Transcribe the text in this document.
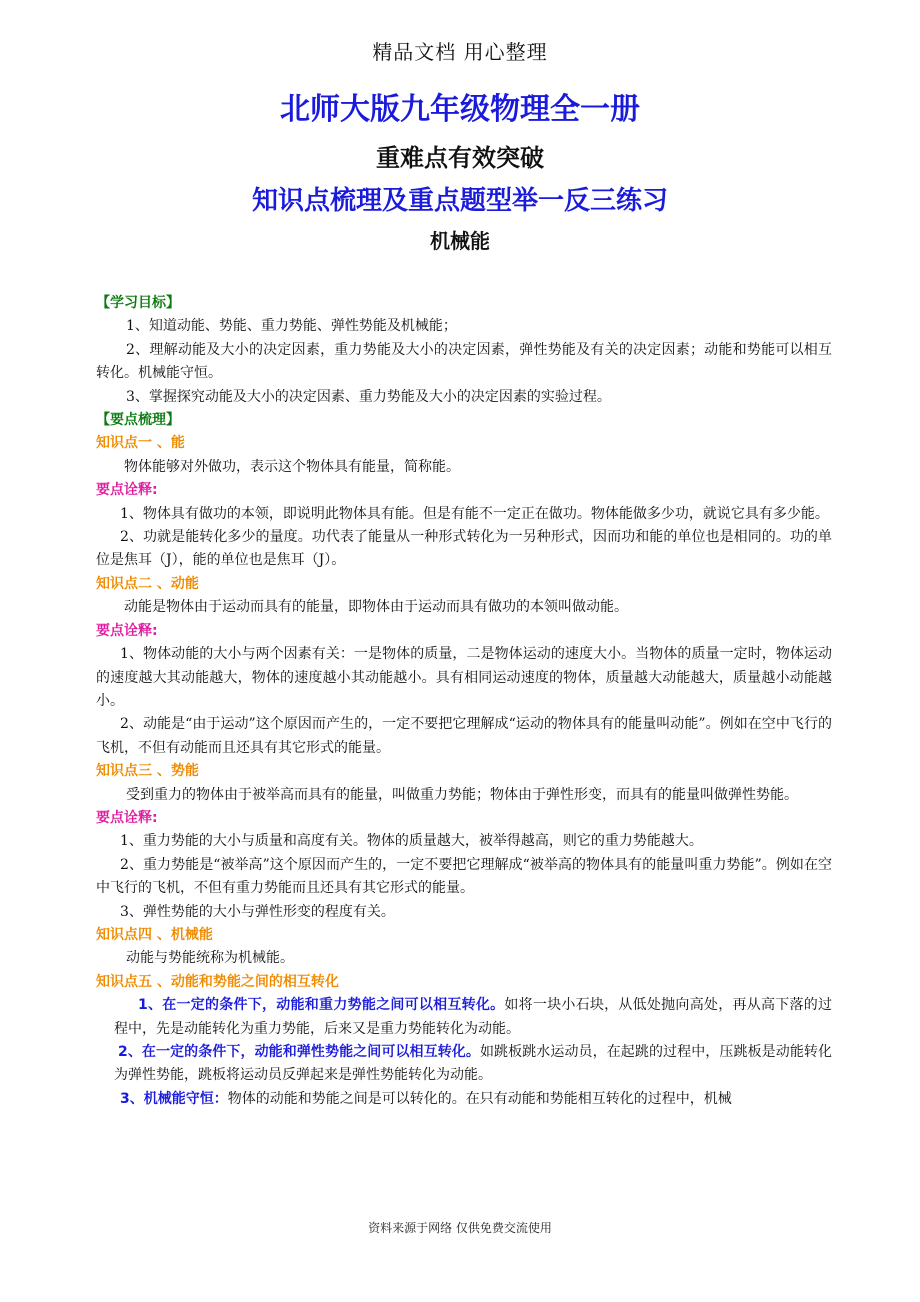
精品文档 用心整理
北师大版九年级物理全一册
重难点有效突破
知识点梳理及重点题型举一反三练习
机械能

【学习目标】

1、知道动能、势能、重力势能、弹性势能及机械能；

2、理解动能及大小的决定因素，重力势能及大小的决定因素，弹性势能及有关的决定因素；动能和势能可以相互转化。机械能守恒。

3、掌握探究动能及大小的决定因素、重力势能及大小的决定因素的实验过程。

【要点梳理】

知识点一 、能

物体能够对外做功，表示这个物体具有能量，简称能。

要点诠释:

1、物体具有做功的本领，即说明此物体具有能。但是有能不一定正在做功。物体能做多少功，就说它具有多少能。

2、功就是能转化多少的量度。功代表了能量从一种形式转化为一另种形式，因而功和能的单位也是相同的。功的单位是焦耳（J），能的单位也是焦耳（J）。

知识点二 、动能

动能是物体由于运动而具有的能量，即物体由于运动而具有做功的本领叫做动能。

要点诠释:

1、物体动能的大小与两个因素有关：一是物体的质量，二是物体运动的速度大小。当物体的质量一定时，物体运动的速度越大其动能越大，物体的速度越小其动能越小。具有相同运动速度的物体，质量越大动能越大，质量越小动能越小。

2、动能是“由于运动”这个原因而产生的，一定不要把它理解成“运动的物体具有的能量叫动能”。例如在空中飞行的飞机，不但有动能而且还具有其它形式的能量。

知识点三 、势能

受到重力的物体由于被举高而具有的能量，叫做重力势能；物体由于弹性形变，而具有的能量叫做弹性势能。

要点诠释:

1、重力势能的大小与质量和高度有关。物体的质量越大，被举得越高，则它的重力势能越大。

2、重力势能是“被举高”这个原因而产生的，一定不要把它理解成“被举高的物体具有的能量叫重力势能”。例如在空中飞行的飞机，不但有重力势能而且还具有其它形式的能量。

3、弹性势能的大小与弹性形变的程度有关。

知识点四 、机械能

动能与势能统称为机械能。

知识点五 、动能和势能之间的相互转化

1、在一定的条件下，动能和重力势能之间可以相互转化。如将一块小石块，从低处抛向高处，再从高下落的过程中，先是动能转化为重力势能，后来又是重力势能转化为动能。

2、在一定的条件下，动能和弹性势能之间可以相互转化。如跳板跳水运动员，在起跳的过程中，压跳板是动能转化为弹性势能，跳板将运动员反弹起来是弹性势能转化为动能。

3、机械能守恒：物体的动能和势能之间是可以转化的。在只有动能和势能相互转化的过程中，机械

资料来源于网络 仅供免费交流使用
